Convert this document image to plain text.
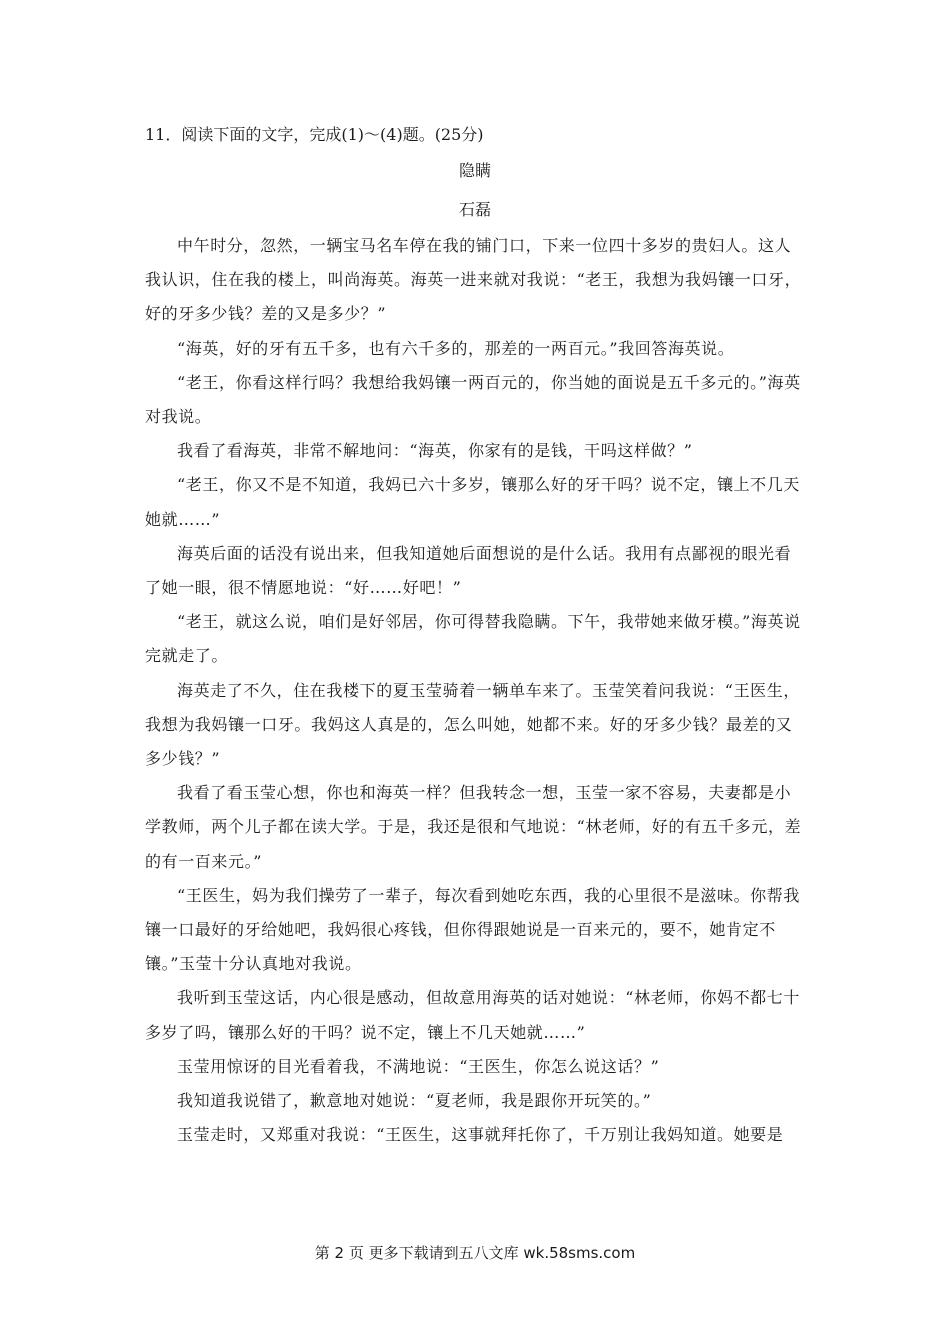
11．阅读下面的文字，完成(1)～(4)题。(25分)
隐瞒
石磊

中午时分，忽然，一辆宝马名车停在我的铺门口，下来一位四十多岁的贵妇人。这人我认识，住在我的楼上，叫尚海英。海英一进来就对我说：“老王，我想为我妈镶一口牙，好的牙多少钱？差的又是多少？”

“海英，好的牙有五千多，也有六千多的，那差的一两百元。”我回答海英说。

“老王，你看这样行吗？我想给我妈镶一两百元的，你当她的面说是五千多元的。”海英对我说。

我看了看海英，非常不解地问：“海英，你家有的是钱，干吗这样做？”

“老王，你又不是不知道，我妈已六十多岁，镶那么好的牙干吗？说不定，镶上不几天她就……”

海英后面的话没有说出来，但我知道她后面想说的是什么话。我用有点鄙视的眼光看了她一眼，很不情愿地说：“好……好吧！”

“老王，就这么说，咱们是好邻居，你可得替我隐瞒。下午，我带她来做牙模。”海英说完就走了。

海英走了不久，住在我楼下的夏玉莹骑着一辆单车来了。玉莹笑着问我说：“王医生，我想为我妈镶一口牙。我妈这人真是的，怎么叫她，她都不来。好的牙多少钱？最差的又多少钱？”

我看了看玉莹心想，你也和海英一样？但我转念一想，玉莹一家不容易，夫妻都是小学教师，两个儿子都在读大学。于是，我还是很和气地说：“林老师，好的有五千多元，差的有一百来元。”

“王医生，妈为我们操劳了一辈子，每次看到她吃东西，我的心里很不是滋味。你帮我镶一口最好的牙给她吧，我妈很心疼钱，但你得跟她说是一百来元的，要不，她肯定不镶。”玉莹十分认真地对我说。

我听到玉莹这话，内心很是感动，但故意用海英的话对她说：“林老师，你妈不都七十多岁了吗，镶那么好的干吗？说不定，镶上不几天她就……”

玉莹用惊讶的目光看着我，不满地说：“王医生，你怎么说这话？”

我知道我说错了，歉意地对她说：“夏老师，我是跟你开玩笑的。”

玉莹走时，又郑重对我说：“王医生，这事就拜托你了，千万别让我妈知道。她要是

第 2 页 更多下载请到五八文库 wk.58sms.com
